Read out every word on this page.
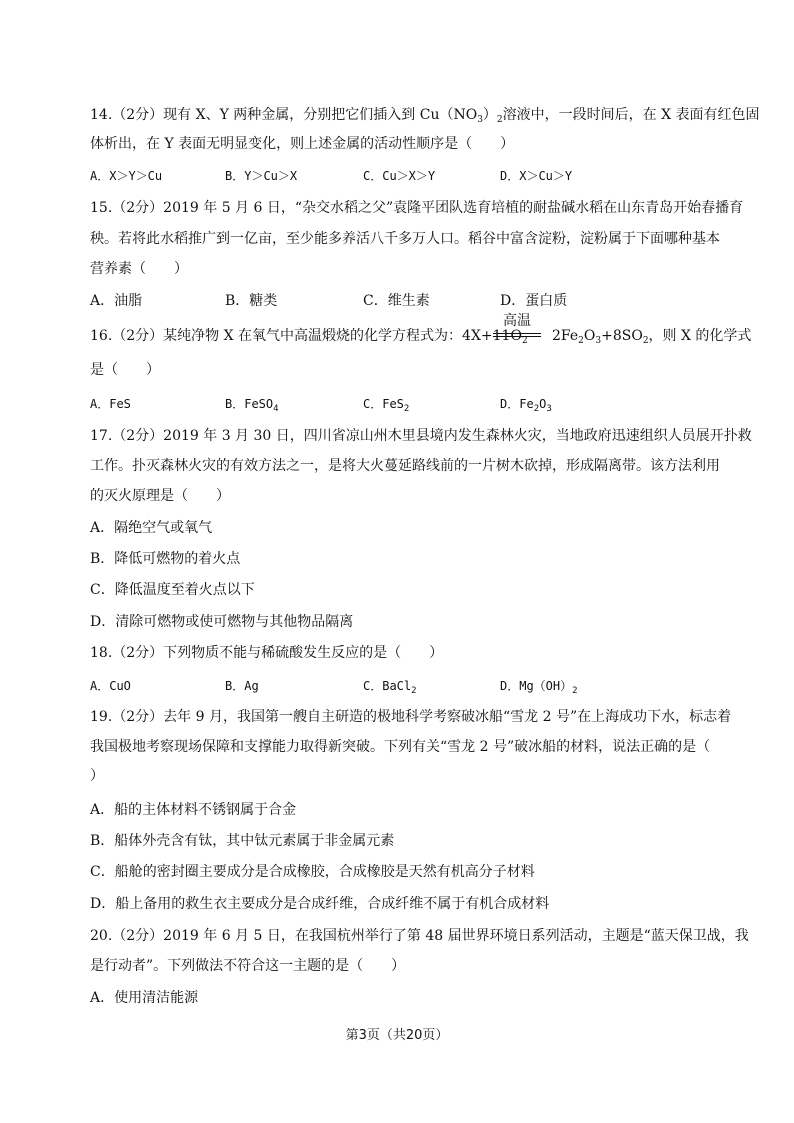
14.（2分）现有 X、Y 两种金属，分别把它们插入到 $Cu(NO_3)_2$溶液中，一段时间后，在 X 表面有红色固
体析出，在 Y 表面无明显变化，则上述金属的活动性顺序是（　　）
A．X＞Y＞Cu	B．Y＞Cu＞X	C．Cu＞X＞Y	D．X＞Cu＞Y
15.（2分）2019 年 5 月 6 日，“杂交水稻之父”袁隆平团队选育培植的耐盐碱水稻在山东青岛开始春播育
秧。若将此水稻推广到一亿亩，至少能多养活八千多万人口。稻谷中富含淀粉，淀粉属于下面哪种基本
营养素（　　）
A．油脂	B．糖类	C．维生素	D．蛋白质
16.（2分）某纯净物 X 在氧气中高温煅烧的化学方程式为：$4X+11O_2$
高温
$2Fe_2O_3+8SO_2$，则 X 的化学式
是（　　）
A．FeS	B．FeSO$_4$	C．FeS$_2$	D．$Fe_2O_3$
17.（2分）2019 年 3 月 30 日，四川省凉山州木里县境内发生森林火灾，当地政府迅速组织人员展开扑救
工作。扑灭森林火灾的有效方法之一，是将大火蔓延路线前的一片树木砍掉，形成隔离带。该方法利用
的灭火原理是（　　）
A．隔绝空气或氧气
B．降低可燃物的着火点
C．降低温度至着火点以下
D．清除可燃物或使可燃物与其他物品隔离
18.（2分）下列物质不能与稀硫酸发生反应的是（　　）
A．CuO	B．Ag	C．BaCl$_2$	D．$Mg(OH)_2$
19.（2分）去年 9 月，我国第一艘自主研造的极地科学考察破冰船“雪龙 2 号”在上海成功下水，标志着
我国极地考察现场保障和支撑能力取得新突破。下列有关“雪龙 2 号”破冰船的材料，说法正确的是（
）
A．船的主体材料不锈钢属于合金
B．船体外壳含有钛，其中钛元素属于非金属元素
C．船舱的密封圈主要成分是合成橡胶，合成橡胶是天然有机高分子材料
D．船上备用的救生衣主要成分是合成纤维，合成纤维不属于有机合成材料
20.（2分）2019 年 6 月 5 日，在我国杭州举行了第 48 届世界环境日系列活动，主题是“蓝天保卫战，我
是行动者”。下列做法不符合这一主题的是（　　）
A．使用清洁能源
第3页（共20页）
